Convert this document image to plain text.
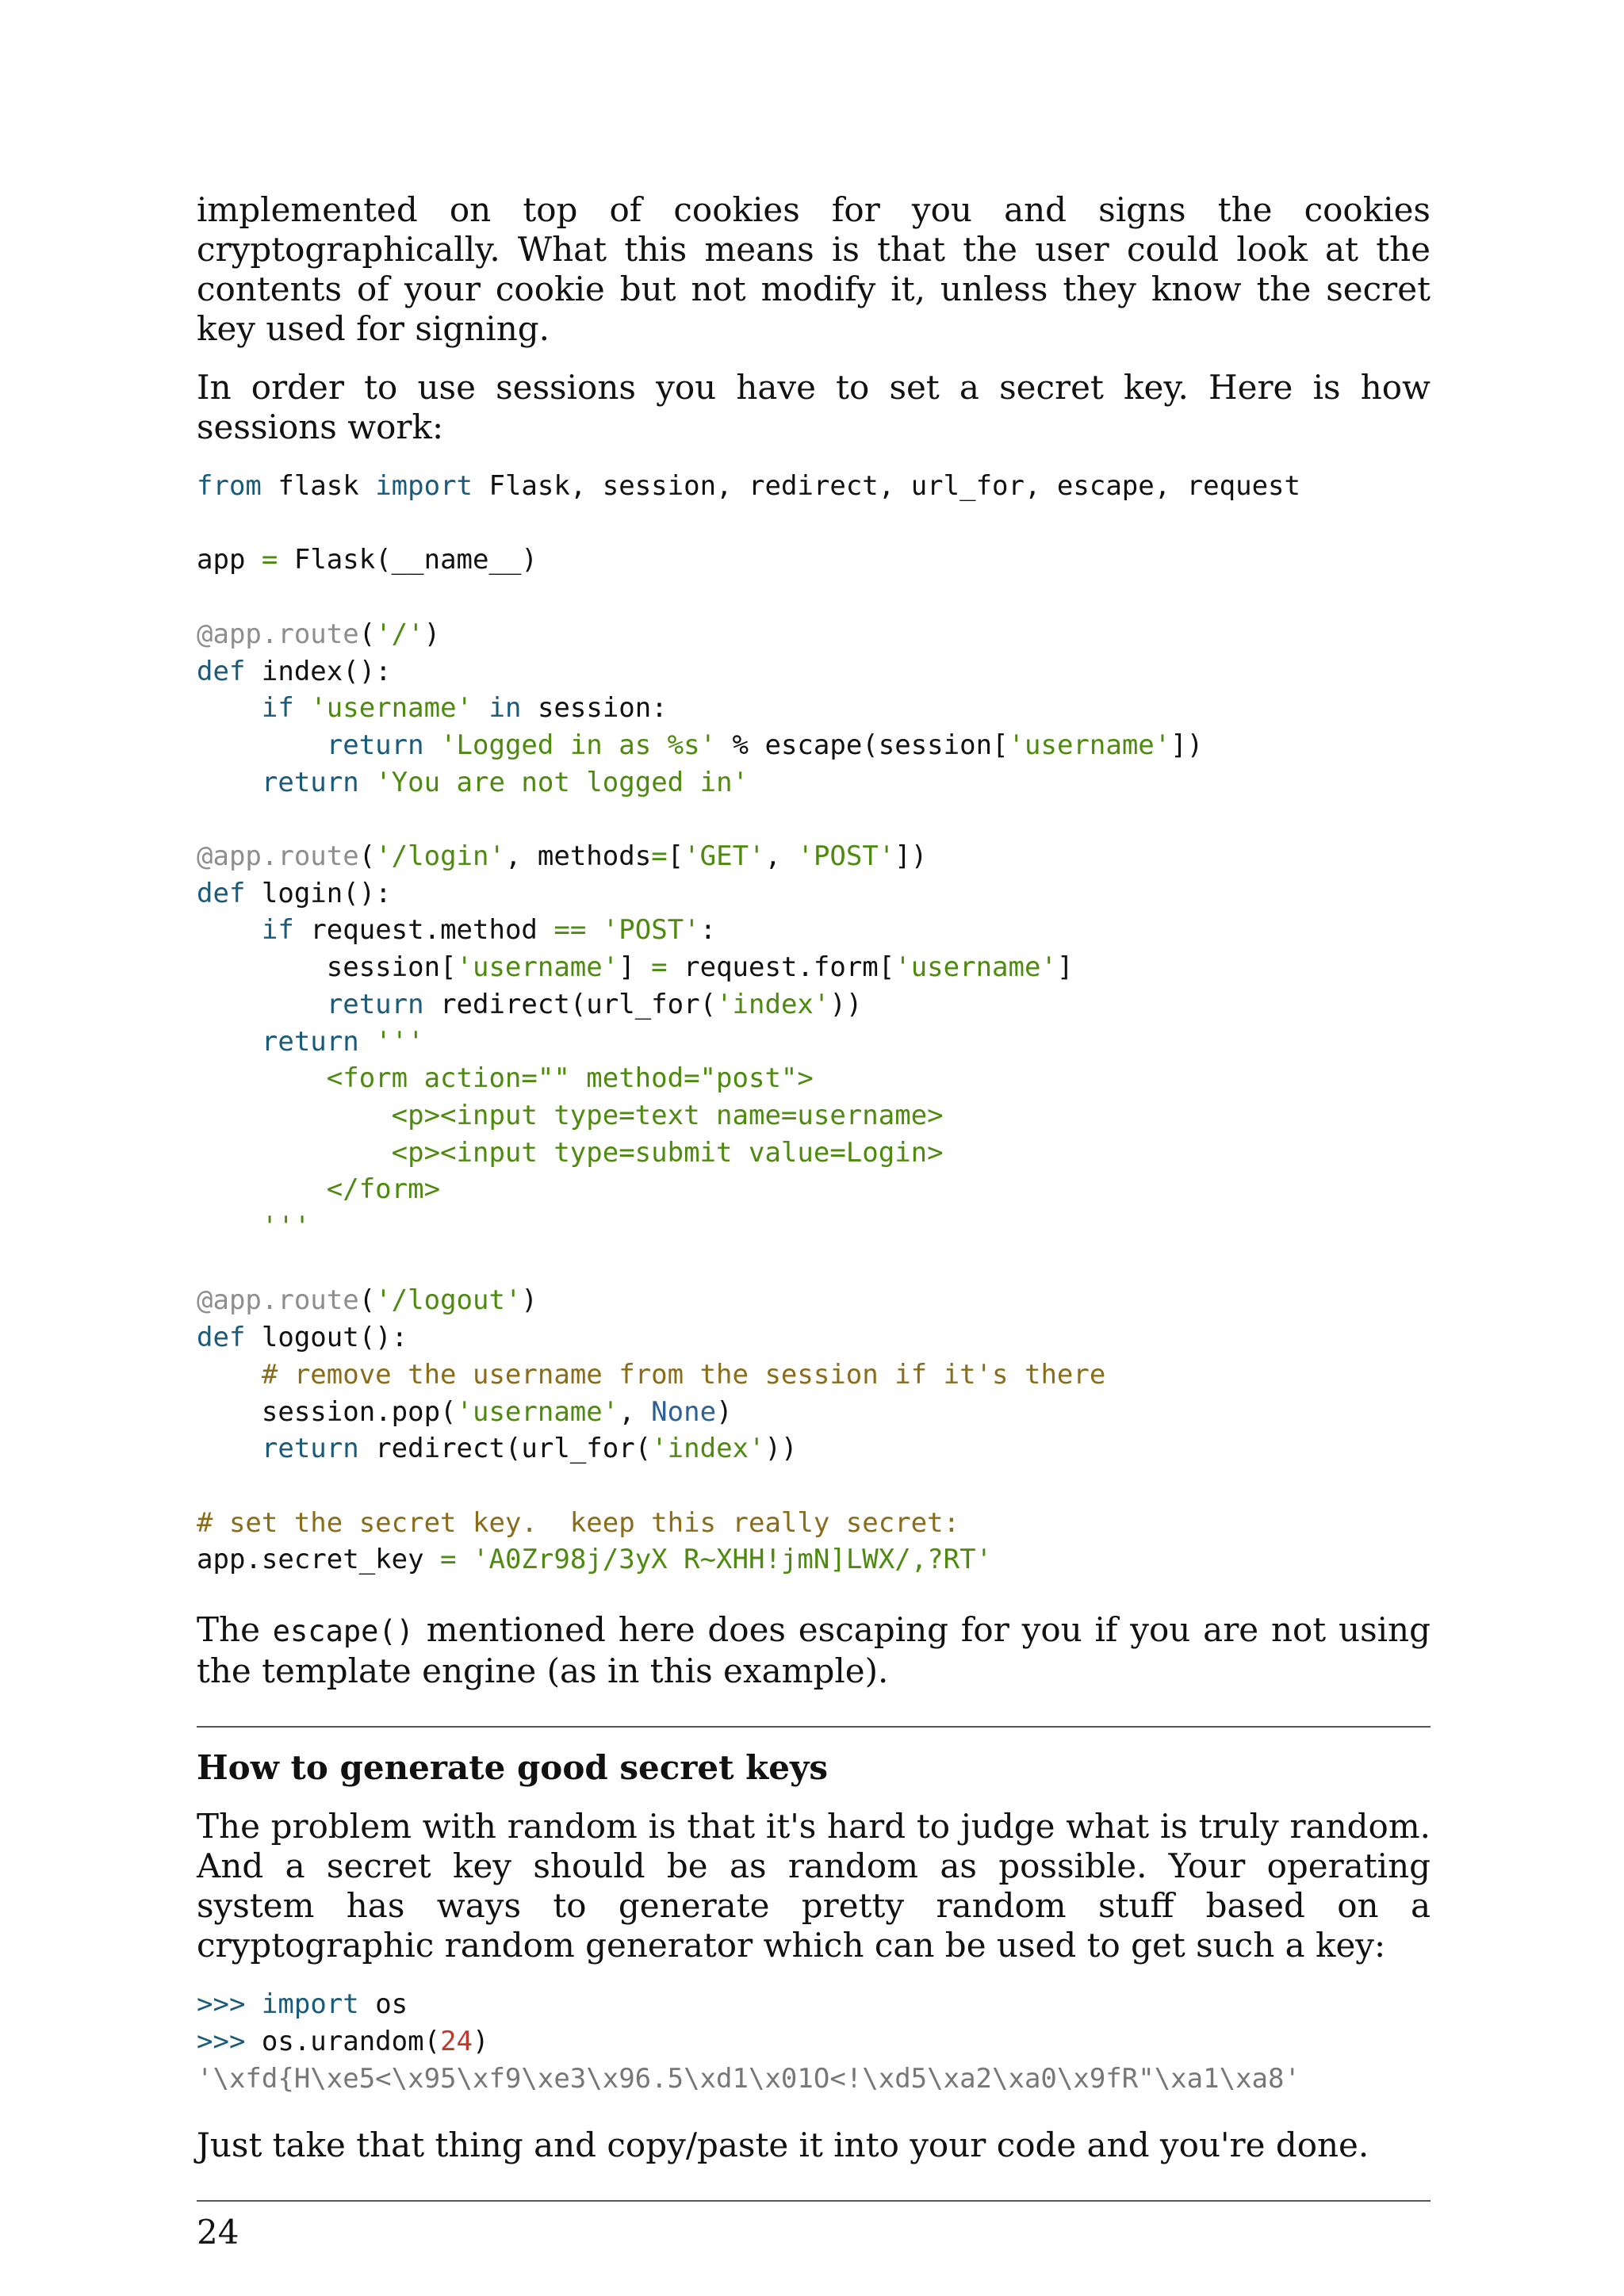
implemented on top of cookies for you and signs the cookies cryptographically. What this means is that the user could look at the contents of your cookie but not modify it, unless they know the secret key used for signing.

In order to use sessions you have to set a secret key. Here is how sessions work:

from flask import Flask, session, redirect, url_for, escape, request

app = Flask(__name__)

@app.route('/')
def index():
if 'username' in session:
return 'Logged in as %s' % escape(session['username'])
return 'You are not logged in'

@app.route('/login', methods=['GET', 'POST'])
def login():
if request.method == 'POST':
session['username'] = request.form['username']
return redirect(url_for('index'))
return '''
<form action="" method="post">
<p><input type=text name=username>
<p><input type=submit value=Login>
</form>
'''

@app.route('/logout')
def logout():
# remove the username from the session if it's there
session.pop('username', None)
return redirect(url_for('index'))

# set the secret key.  keep this really secret:
app.secret_key = 'A0Zr98j/3yX R~XHH!jmN]LWX/,?RT'

The escape() mentioned here does escaping for you if you are not using the template engine (as in this example).

How to generate good secret keys

The problem with random is that it's hard to judge what is truly random. And a secret key should be as random as possible. Your operating system has ways to generate pretty random stuff based on a cryptographic random generator which can be used to get such a key:

>>> import os
>>> os.urandom(24)
'\xfd{H\xe5<\x95\xf9\xe3\x96.5\xd1\x01O<!\xd5\xa2\xa0\x9fR"\xa1\xa8'

Just take that thing and copy/paste it into your code and you're done.

24
